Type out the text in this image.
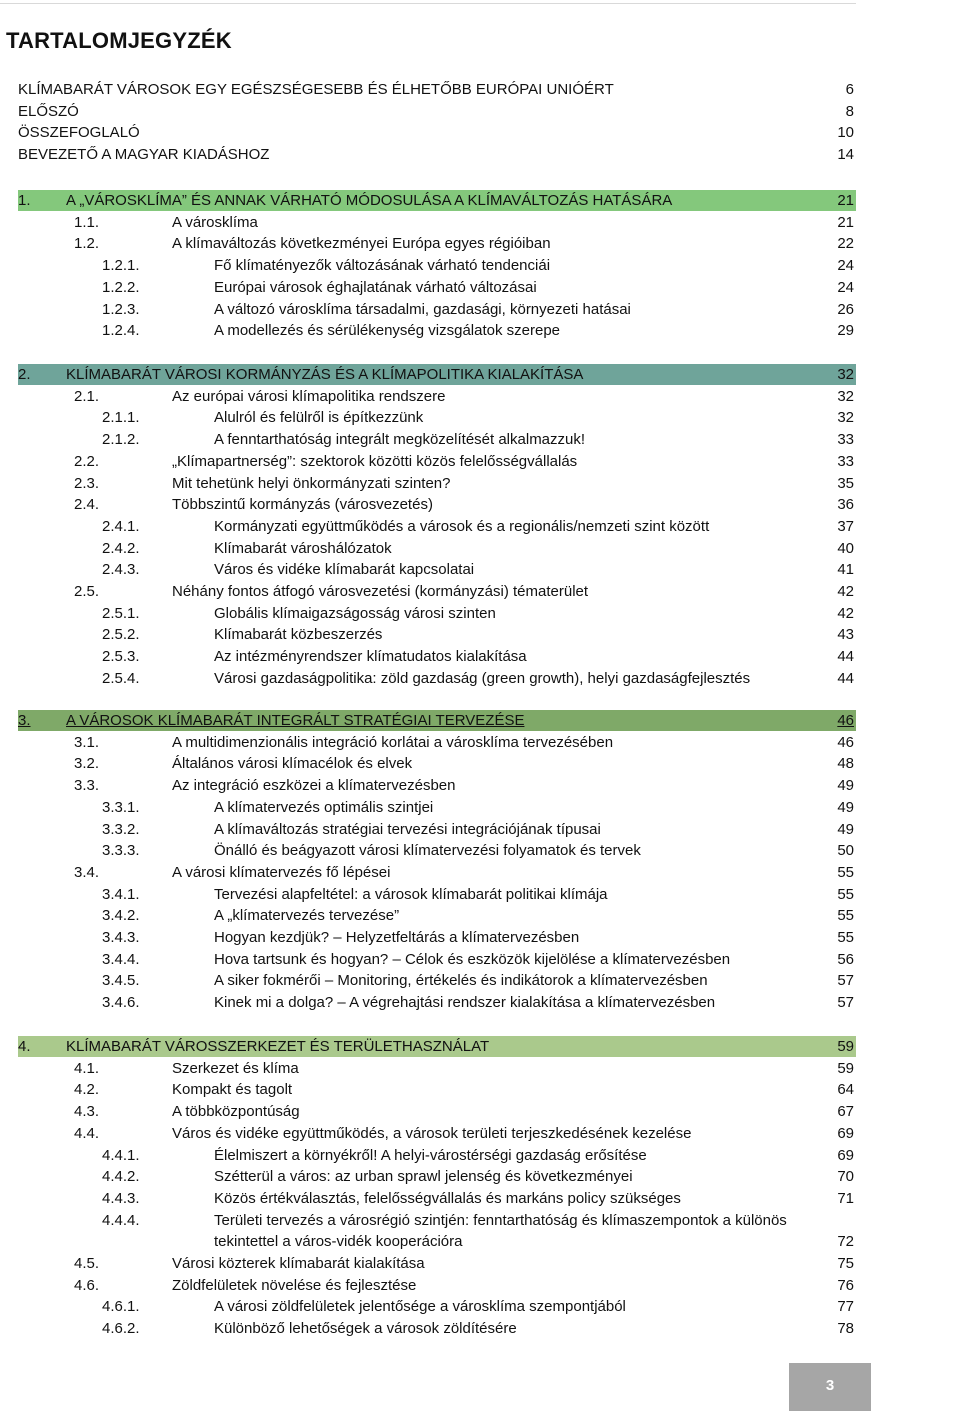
TARTALOMJEGYZÉK
KLÍMABARÁT VÁROSOK EGY EGÉSZSÉGESEBB ÉS ÉLHETŐBB EURÓPAI UNIÓÉRT	6
ELŐSZÓ	8
ÖSSZEFOGLALÓ	10
BEVEZETŐ A MAGYAR KIADÁSHOZ	14
1. A „VÁROSKLÍMA” ÉS ANNAK VÁRHATÓ MÓDOSULÁSA A KLÍMAVÁLTOZÁS HATÁSÁRA	21
1.1.	A városklíma	21
1.2.	A klímaváltozás következményei Európa egyes régióiban	22
1.2.1.	Fő klímatényezők változásának várható tendenciái	24
1.2.2.	Európai városok éghajlatának várható változásai	24
1.2.3.	A változó városklíma társadalmi, gazdasági, környezeti hatásai	26
1.2.4.	A modellezés és sérülékenység vizsgálatok szerepe	29
2. KLÍMABARÁT VÁROSI KORMÁNYZÁS ÉS A KLÍMAPOLITIKA KIALAKÍTÁSA	32
2.1.	Az európai városi klímapolitika rendszere	32
2.1.1.	Alulról és felülről is építkezzünk	32
2.1.2.	A fenntarthatóság integrált megközelítését alkalmazzuk!	33
2.2.	„Klímapartnerség”: szektorok közötti közös felelősségvállalás	33
2.3.	Mit tehetünk helyi önkormányzati szinten?	35
2.4.	Többszintű kormányzás (városvezetés)	36
2.4.1.	Kormányzati együttműködés a városok és a regionális/nemzeti szint között	37
2.4.2.	Klímabarát városhálózatok	40
2.4.3.	Város és vidéke klímabarát kapcsolatai	41
2.5.	Néhány fontos átfogó városvezetési (kormányzási) tématerület	42
2.5.1.	Globális klímaigazságosság városi szinten	42
2.5.2.	Klímabarát közbeszerzés	43
2.5.3.	Az intézményrendszer klímatudatos kialakítása	44
2.5.4.	Városi gazdaságpolitika: zöld gazdaság (green growth), helyi gazdaságfejlesztés	44
3. A VÁROSOK KLÍMABARÁT INTEGRÁLT STRATÉGIAI TERVEZÉSE	46
3.1.	A multidimenzionális integráció korlátai a városklíma tervezésében	46
3.2.	Általános városi klímacélok és elvek	48
3.3.	Az integráció eszközei a klímatervezésben	49
3.3.1.	A klímatervezés optimális szintjei	49
3.3.2.	A klímaváltozás stratégiai tervezési integrációjának típusai	49
3.3.3.	Önálló és beágyazott városi klímatervezési folyamatok és tervek	50
3.4.	A városi klímatervezés fő lépései	55
3.4.1.	Tervezési alapfeltétel: a városok klímabarát politikai klímája	55
3.4.2.	A „klímatervezés tervezése”	55
3.4.3.	Hogyan kezdjük? – Helyzetfeltárás a klímatervezésben	55
3.4.4.	Hova tartsunk és hogyan? – Célok és eszközök kijelölése a klímatervezésben	56
3.4.5.	A siker fokmérői – Monitoring, értékelés és indikátorok a klímatervezésben	57
3.4.6.	Kinek mi a dolga? – A végrehajtási rendszer kialakítása a klímatervezésben	57
4. KLÍMABARÁT VÁROSSZERKEZET ÉS TERÜLETHASZNÁLAT	59
4.1.	Szerkezet és klíma	59
4.2.	Kompakt és tagolt	64
4.3.	A többközpontúság	67
4.4.	Város és vidéke együttműködés, a városok területi terjeszkedésének kezelése	69
4.4.1.	Élelmiszert a környékről! A helyi-várostérségi gazdaság erősítése	69
4.4.2.	Szétterül a város: az urban sprawl jelenség és következményei	70
4.4.3.	Közös értékválasztás, felelősségvállalás és markáns policy szükséges	71
4.4.4.	Területi tervezés a városrégió szintjén: fenntarthatóság és klímaszempontok a különös
tekintettel a város-vidék kooperációra	72
4.5.	Városi közterek klímabarát kialakítása	75
4.6.	Zöldfelületek növelése és fejlesztése	76
4.6.1.	A városi zöldfelületek jelentősége a városklíma szempontjából	77
4.6.2.	Különböző lehetőségek a városok zöldítésére	78
3
